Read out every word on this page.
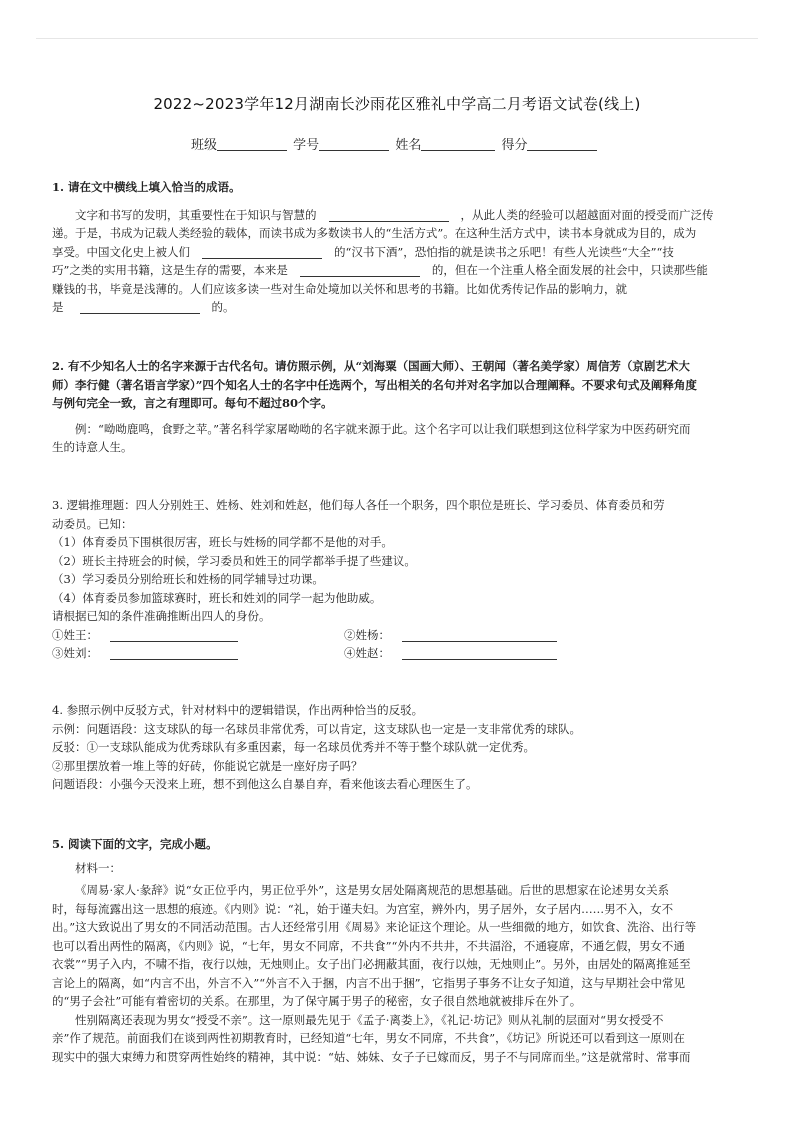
2022~2023学年12月湖南长沙雨花区雅礼中学高二月考语文试卷(线上)
班级	学号	姓名	得分
1. 请在文中横线上填入恰当的成语。

文字和书写的发明，其重要性在于知识与智慧的	，从此人类的经验可以超越面对面的授受而广泛传

递。于是，书成为记载人类经验的载体，而读书成为多数读书人的“生活方式”。在这种生活方式中，读书本身就成为目的，成为

享受。中国文化史上被人们	的“汉书下酒”，恐怕指的就是读书之乐吧！有些人光读些“大全”“技

巧”之类的实用书籍，这是生存的需要，本来是	的，但在一个注重人格全面发展的社会中，只读那些能

赚钱的书，毕竟是浅薄的。人们应该多读一些对生命处境加以关怀和思考的书籍。比如优秀传记作品的影响力，就

是	的。

2. 有不少知名人士的名字来源于古代名句。请仿照示例，从“刘海粟（国画大师）、王朝闻（著名美学家）周信芳（京剧艺术大
师）李行健（著名语言学家）”四个知名人士的名字中任选两个，写出相关的名句并对名字加以合理阐释。不要求句式及阐释角度
与例句完全一致，言之有理即可。每句不超过80个字。

例：“呦呦鹿鸣，食野之苹。”著名科学家屠呦呦的名字就来源于此。这个名字可以让我们联想到这位科学家为中医药研究而

生的诗意人生。

3. 逻辑推理题：四人分别姓王、姓杨、姓刘和姓赵，他们每人各任一个职务，四个职位是班长、学习委员、体育委员和劳

动委员。已知：

（1）体育委员下围棋很厉害，班长与姓杨的同学都不是他的对手。

（2）班长主持班会的时候，学习委员和姓王的同学都举手提了些建议。

（3）学习委员分别给班长和姓杨的同学辅导过功课。

（4）体育委员参加篮球赛时，班长和姓刘的同学一起为他助威。

请根据已知的条件准确推断出四人的身份。

①姓王：	②姓杨：
③姓刘：	④姓赵：

4. 参照示例中反驳方式，针对材料中的逻辑错误，作出两种恰当的反驳。

示例：问题语段：这支球队的每一名球员非常优秀，可以肯定，这支球队也一定是一支非常优秀的球队。

反驳：①一支球队能成为优秀球队有多重因素，每一名球员优秀并不等于整个球队就一定优秀。

②那里摆放着一堆上等的好砖，你能说它就是一座好房子吗？

问题语段：小强今天没来上班，想不到他这么自暴自弃，看来他该去看心理医生了。

5. 阅读下面的文字，完成小题。

材料一：

《周易·家人·彖辞》说“女正位乎内，男正位乎外”，这是男女居处隔离规范的思想基础。后世的思想家在论述男女关系

时，每每流露出这一思想的痕迹。《内则》说：“礼，始于谨夫妇。为宫室，辨外内，男子居外，女子居内……男不入，女不

出。”这大致说出了男女的不同活动范围。古人还经常引用《周易》来论证这个理论。从一些细微的地方，如饮食、洗浴、出行等

也可以看出两性的隔离，《内则》说，“七年，男女不同席，不共食”“外内不共井，不共湢浴，不通寝席，不通乞假，男女不通

衣裳”“男子入内，不啸不指，夜行以烛，无烛则止。女子出门必拥蔽其面，夜行以烛，无烛则止”。另外，由居处的隔离推延至

言论上的隔离，如“内言不出，外言不入”“外言不入于捆，内言不出于捆”，它指男子事务不让女子知道，这与早期社会中常见

的“男子会社”可能有着密切的关系。在那里，为了保守属于男子的秘密，女子很自然地就被排斥在外了。

性别隔离还表现为男女“授受不亲”。这一原则最先见于《孟子·离娄上》，《礼记·坊记》则从礼制的层面对“男女授受不

亲”作了规范。前面我们在谈到两性初期教育时，已经知道“七年，男女不同席，不共食”，《坊记》所说还可以看到这一原则在

现实中的强大束缚力和贯穿两性始终的精神，其中说：“姑、姊妹、女子子已嫁而反，男子不与同席而坐。”这是就常时、常事而
